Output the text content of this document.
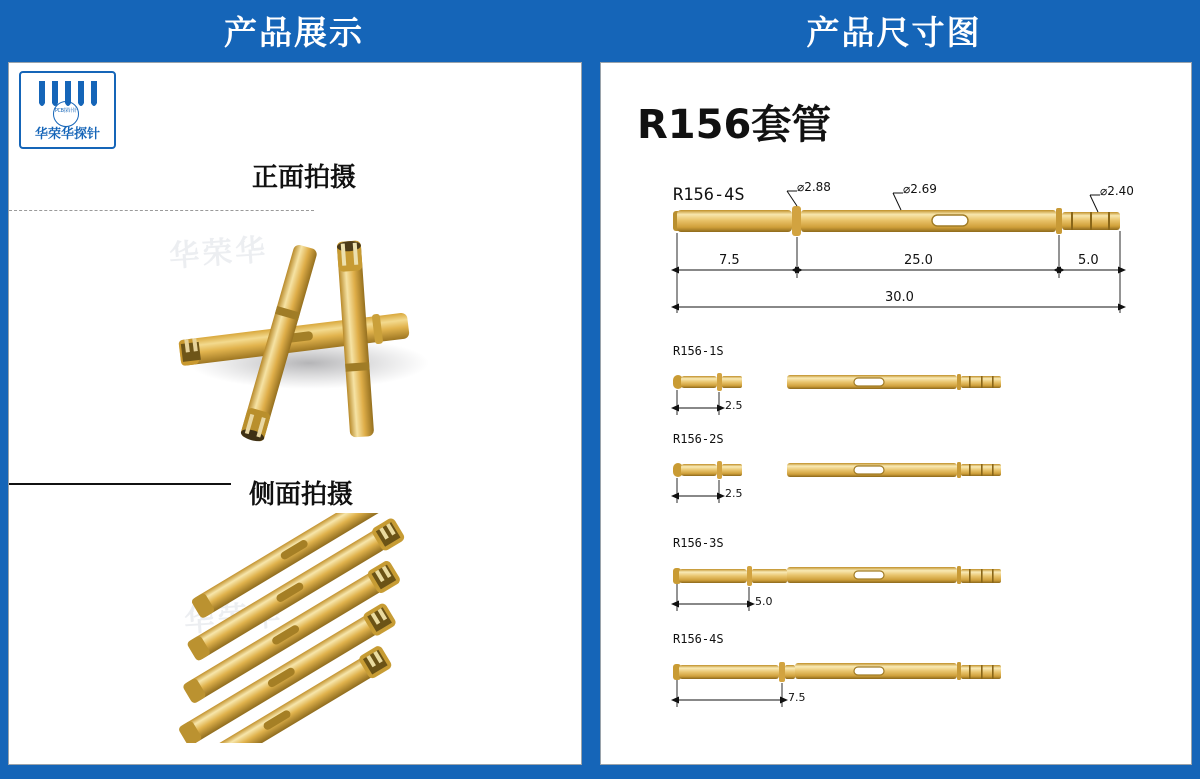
产品展示	产品尺寸图
PCB探针针
华荣华探针
正面拍摄
侧面拍摄
华荣华
R156套管
R156-4S	⌀2.88	⌀2.69	⌀2.40
7.5	25.0	5.0
30.0
R156-1S
2.5
R156-2S
2.5
R156-3S
5.0
R156-4S
7.5
